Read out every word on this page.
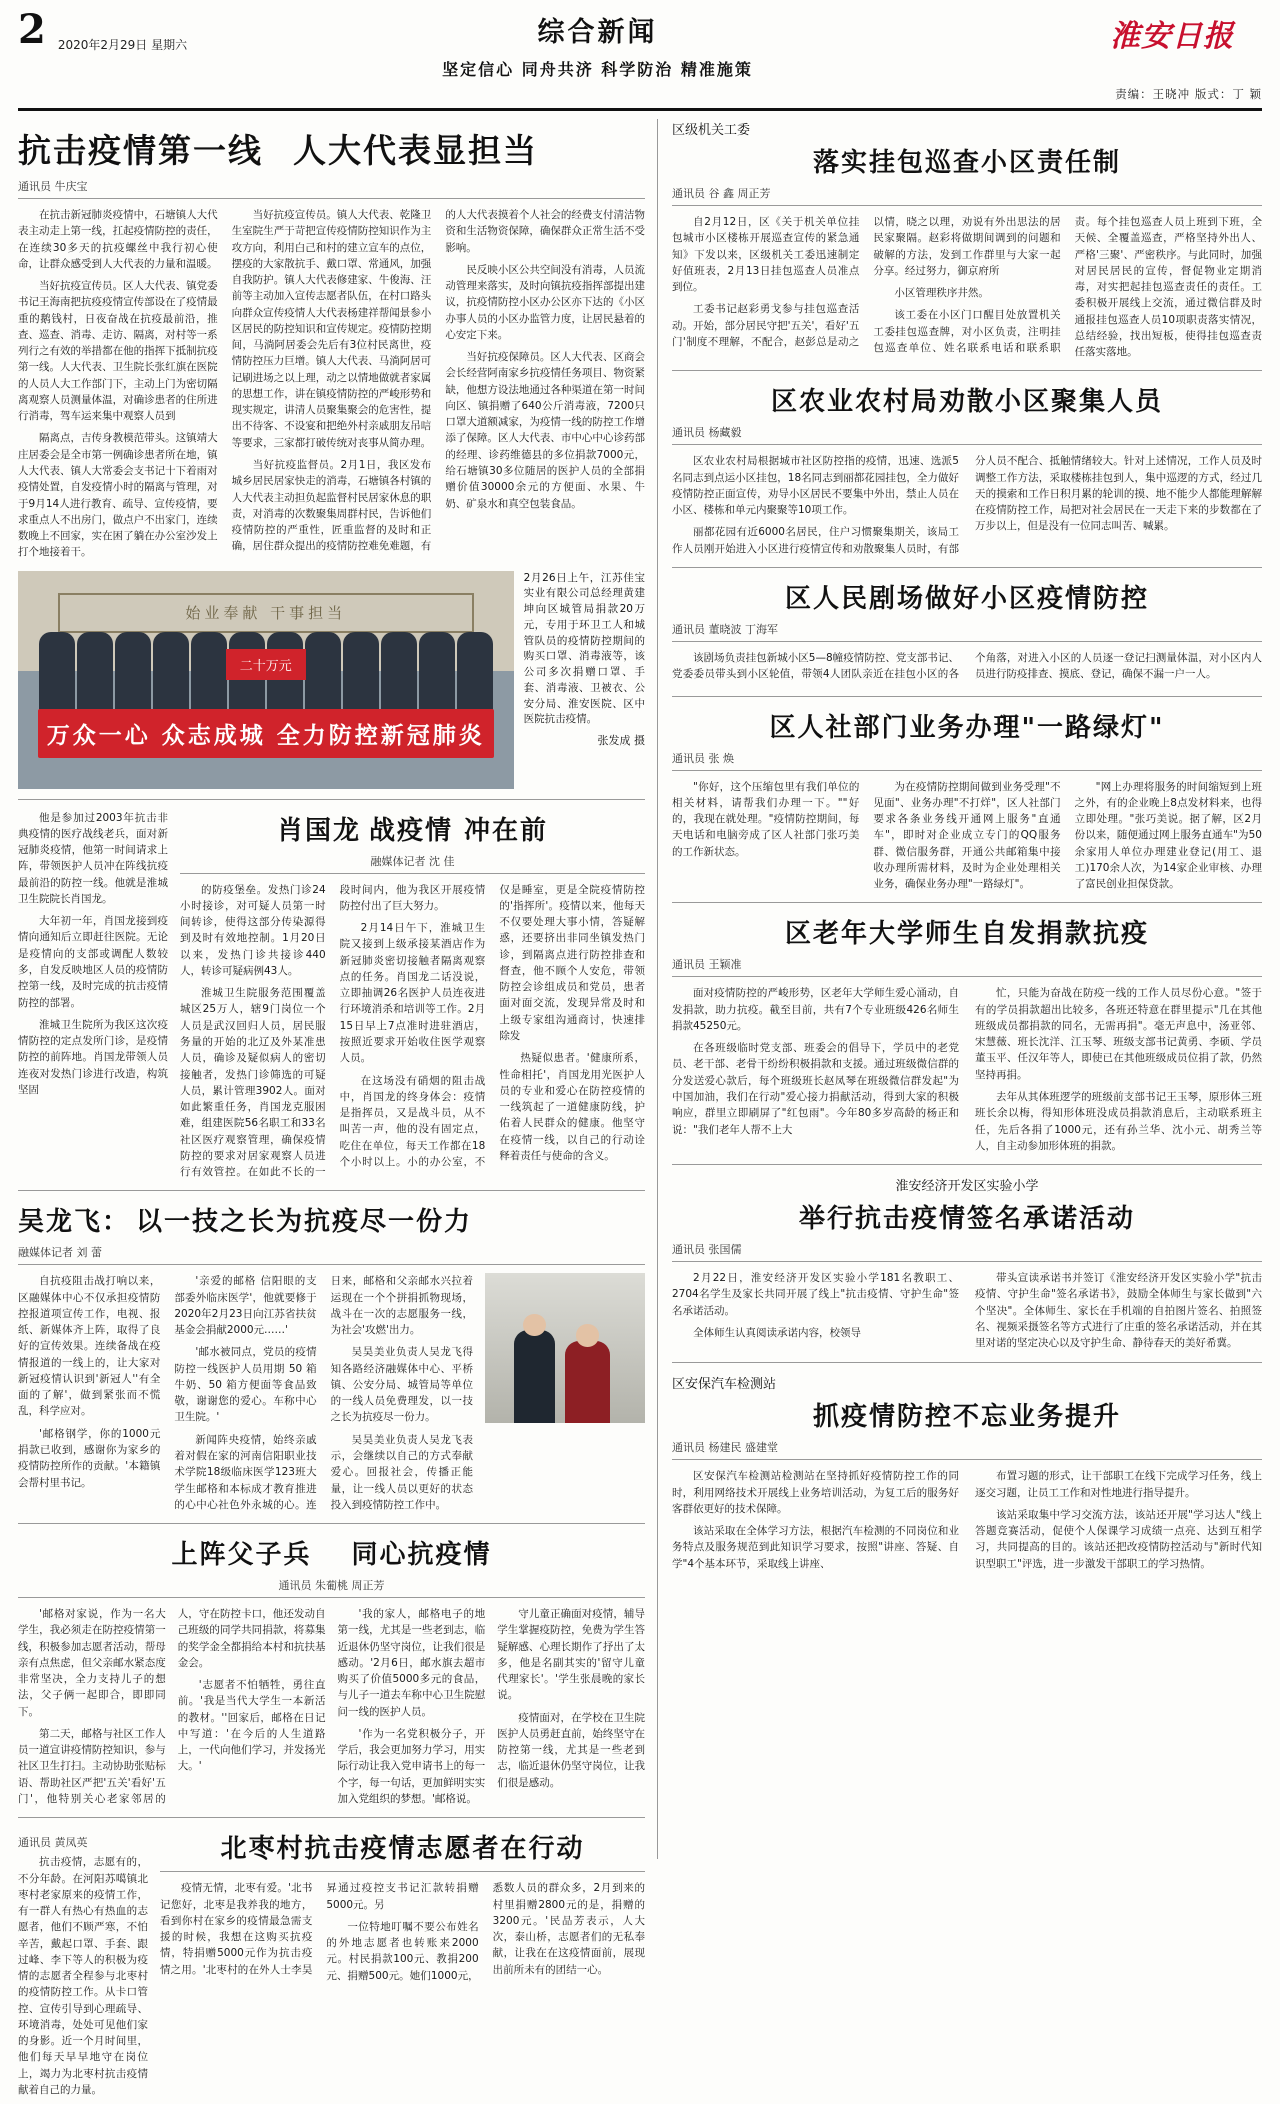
2	2020年2月29日 星期六	综合新闻
坚定信心 同舟共济 科学防治 精准施策
淮安日报
责编：王晓冲 版式：丁 颖
抗击疫情第一线 人大代表显担当
通讯员 牛庆宝

在抗击新冠肺炎疫情中，石塘镇人大代表主动走上第一线，扛起疫情防控的责任，在连续30多天的抗疫螺丝中我行初心使命，让群众感受到人大代表的力量和温暖。

当好抗疫宣传员。区人大代表、镇党委书记王海南把抗疫疫情宣传部设在了疫情最重的鹅钱村，日夜奋战在抗疫最前沿，推查、巡查、消毒、走访、隔离，对村等一系列行之有效的举措都在他的指挥下抵制抗疫第一线。人大代表、卫生院长张红旗在医院的人员人大工作部门下，主动上门为密切隔离观察人员测量体温，对确诊患者的住所进行消毒，驾车运来集中观察人员到

隔离点，吉传身教模范带头。这镇靖大庄居委会是全市第一例确诊患者所在地，镇人大代表、镇人大常委会支书记十下着雨对疫情处置，自发疫情小时的隔离与管理，对于9月14人进行教育、疏导、宣传疫情，要求重点人不出房门，做点户不出家门，连续数晚上不回家，实在困了躺在办公室沙发上打个地接着干。

当好抗疫宣传员。镇人大代表、乾隆卫生室院生严于苛把宣传疫情防控知识作为主攻方向，利用白己和村的建立宣车的点位，摆疫的大家散抗手、戴口罩、常通风，加强自我防护。镇人大代表修建家、牛俊海、汪前等主动加入宣传志愿者队伍，在村口路头向群众宣传疫情人大代表杨建祥帮闻景参小区居民的防控知识和宣传规定。疫情防控期间，马淌阿居委会先后有3位村民离世，疫情防控压力巨增。镇人大代表、马淌阿居可记刷进场之以上理，动之以情地做就者家属的思想工作，讲在镇疫情防控的严峻形势和现实规定，讲清人员聚集聚会的危害性，提出不待客、不设宴和把绝外村亲戚朋友吊唁等要求，三家都打破传统对丧事从简办理。

当好抗疫监督员。2月1日，我区发布城乡居民居家快走的消毒，石塘镇各村镇的人大代表主动担负起监督村民居家休息的职责，对消毒的次数聚集周群村民，告诉他们疫情防控的严重性，匠重监督的及时和正确，居住群众提出的疫情防控难免难题，有的人大代表摸着个人社会的经费支付清洁物资和生活物资保障，确保群众正常生活不受影响。

民反映小区公共空间没有消毒，人员流动管理来落实，及时向镇抗疫指挥部提出建议，抗疫情防控小区办公区亦下达的《小区办事人员的小区办监管力度，让居民悬着的心安定下来。

当好抗疫保障员。区人大代表、区商会会长经营阿南家乡抗疫情任务项目、物资紧缺，他想方设法地通过各种渠道在第一时间向区、镇捐赠了640公斤消毒液，7200只口罩大道额减家，为疫情一线的防控工作增添了保障。区人大代表、市中心中心诊药部的经理、诊药维德县的多位捐款7000元，给石塘镇30多位随居的医护人员的全部捐赠价值30000余元的方便面、水果、牛奶、矿泉水和真空包装食品。

始业奉献 干事担当
二十万元
万众一心 众志成城 全力防控新冠肺炎
2月26日上午，江苏佳宝实业有限公司总经理黄建坤向区城管局捐款20万元，专用于环卫工人和城管队员的疫情防控期间的购买口罩、消毒液等，该公司多次捐赠口罩、手套、消毒液、卫被衣、公安分局、淮安医院、区中医院抗击疫情。
张发成 摄

他是参加过2003年抗击非典疫情的医疗战线老兵，面对新冠肺炎疫情，他第一时间请求上阵，带领医护人员冲在阵线抗疫最前沿的防控一线。他就是淮城卫生院院长肖国龙。

大年初一年，肖国龙接到疫情向通知后立即赶往医院。无论是疫情向的支部或调配人数较多，自发反映地区人员的疫情防控第一线，及时完成的抗击疫情防控的部署。

淮城卫生院所为我区这次疫情防控的定点发所门诊，是疫情防控的前阵地。肖国龙带领人员连夜对发热门诊进行改造，构筑坚固

肖国龙 战疫情 冲在前
融媒体记者 沈 佳

的防疫堡垒。发热门诊24小时接诊，对可疑人员第一时间转诊，使得这部分传染源得到及时有效地控制。1月20日以来，发热门诊共接诊440人，转诊可疑病例43人。

淮城卫生院服务范围覆盖城区25万人，辖9门岗位一个人员是武汉回归人员，居民服务量的开始的北辽及外某准患人员，确诊及疑似病人的密切接触者，发热门诊筛选的可疑人员，累计管理3902人。面对如此繁重任务，肖国龙克服困难，组建医院56名职工和33名社区医疗观察管理，确保疫情防控的要求对居家观察人员进行有效管控。在如此不长的一段时间内，他为我区开展疫情防控付出了巨大努力。

2月14日午下，淮城卫生院又接到上级承接某酒店作为新冠肺炎密切接触者隔离观察点的任务。肖国龙二话没说，立即抽调26名医护人员连夜进行环境消杀和培训等工作。2月15日早上7点准时进驻酒店，按照近要求开始收住医学观察人员。

在这场没有硝烟的阻击战中，肖国龙的终身体会：疫情是指挥员，又是战斗员，从不叫苦一声，他的没有固定点，吃住在单位，每天工作都在18个小时以上。小的办公室，不仅是睡室，更是全院疫情防控的'指挥所'。疫情以来，他每天不仅要处理大事小情，答疑解惑，还要挤出非同坐镇发热门诊，到隔离点进行防控排查和督查，他不顾个人安危，带领防控会诊组成员和党员，患者面对面交流，发现异常及时和上级专家组沟通商讨，快速排除发

热疑似患者。'健康所系，性命相托'，肖国龙用光医护人员的专业和爱心在防控疫情的一线筑起了一道健康防线，护佑着人民群众的健康。他坚守在疫情一线，以自己的行动诠释着责任与使命的含义。

吴龙飞： 以一技之长为抗疫尽一份力
融媒体记者 刘 蕾

自抗疫阻击战打响以来，区融媒体中心不仅承担疫情防控报道项宣传工作，电视、报纸、新媒体齐上阵，取得了良好的宣传效果。连续备战在疫情报道的一线上的，让大家对新冠疫情认识到'新冠人''有全面的了解'，做到紧张而不慌乱，科学应对。

'邮格钢学，你的1000元捐款已收到，感谢你为家乡的疫情防控所作的贡献。'本籍镇会帮村里书记。

'亲爱的邮格 信阳眼的支部委外临床医学'，他就要修于2020年2月23日向江苏省扶贫基金会捐献2000元……'

'邮水被同点，党员的疫情防控一线医护人员用期 50 箱牛奶、50 箱方便面等食品致敬，谢谢您的爱心。车称中心卫生院。'

新闻阵央疫情，始终亲戚着对假在家的河南信阳职业技术学院18级临床医学123班大学生邮格和本标成才教育推进的心中心社色外永城的心。连日来，邮格和父亲邮水兴拉着运现在一个个拼捐抓物现场，战斗在一次的志愿服务一线，为社会'攻燃'出力。

吴昊美业负责人吴龙飞得知各路经济融媒体中心、平桥镇、公安分局、城管局等单位的一线人员免费理发，以一技之长为抗疫尽一份力。

吴昊美业负责人吴龙飞表示，会继续以自己的方式奉献爱心。回报社会，传播正能量，让一线人员以更好的状态投入到疫情防控工作中。

上阵父子兵 同心抗疫情
通讯员 朱葡桃 周正芳

'邮格对家说，作为一名大学生，我必须走在防控疫情第一线，积极参加志愿者活动，帮母亲有点焦虑，但父亲邮水紧态度非常坚决，全力支持儿子的想法，父子俩一起即合，即即同下。

第二天，邮格与社区工作人员一道宣讲疫情防控知识，参与社区卫生打扫。主动协助张贴标语、帮助社区严把'五关'看好'五门'，他特别关心老家邻居的人，守在防控卡口，他还发动自己班级的同学共同捐款，将募集的奖学金全都捐给本村和抗扶基金会。

'志愿者不怕牺牲，勇往直前。'我是当代大学生一本新活的教材。''回家后，邮格在日记中写道：'在今后的人生道路上，一代向他们学习，并发扬光大。'

'我的家人，邮格电子的地第一线，尤其是一些老到志，临近退休仍坚守岗位，让我们很是感动。'2月6日，邮水旗去超市购买了价值5000多元的食品，与儿子一道去车称中心卫生院慰问一线的医护人员。

'作为一名党积极分子，开学后，我会更加努力学习，用实际行动让我入党申请书上的每一个字，每一句话，更加鲜明实实加入党组织的梦想。'邮格说。

守儿童正确面对疫情，辅导学生掌握疫防控，免费为学生答疑解感、心理长期作了抒出了太多，他是名副其实的'留守儿童代理家长'。'学生张晨晚的家长说。

疫情面对，在学校在卫生院医护人员勇赶直前，始终坚守在防控第一线，尤其是一些老到志，临近退休仍坚守岗位，让我们很是感动。

通讯员 黄凤英

抗击疫情，志愿有的，不分年龄。在河阳苏噶镇北枣村老家原来的疫情工作，有一群人有热心有热血的志愿者，他们不顾严寒，不怕辛苦，戴起口罩、手套、跟过峰、李下等人的积极为疫情的志愿者全程参与北枣村的疫情防控工作。从卡口管控、宣传引导到心理疏导、环境消毒，处处可见他们家的身影。近一个月时间里，他们每天早早地守在岗位上，竭力为北枣村抗击疫情献着自己的力量。

北枣村抗击疫情志愿者在行动

疫情无情，北枣有爱。'北书记您好，北枣是我养我的地方，看到你村在家乡的疫情最急需支援的时候，我想在这购买抗疫情，特捐赠5000元作为抗击疫情之用。'北枣村的在外人士李昊昇通过疫控支书记汇款转捐赠5000元。另

一位特地叮嘱不要公布姓名的外地志愿者也转账来2000元。村民捐款100元、教捐200元、捐赠500元。她们1000元，悉数人员的群众多，2月到来的村里捐赠2800元的是，捐赠的3200元。'民品芳表示，人大次，泰山桥，志愿者们的无私奉献，让我在在这疫情面前，展现出前所未有的团结一心。

区级机关工委
落实挂包巡查小区责任制
通讯员 谷 鑫 周正芳

自2月12日，区《关于机关单位挂包城市小区楼栋开展巡查宣传的紧急通知》下发以来，区级机关工委迅速制定好值班表，2月13日挂包巡查人员准点到位。

工委书记赵彩勇戈参与挂包巡查活动。开始，部分居民守把'五关'，看好'五门'制度不理解，不配合，赵彭总是动之以情，晓之以理，劝说有外出思法的居民家聚隔。赵彩将做期间调到的问题和破解的方法，发到工作群里与大家一起分享。经过努力，御京府所

小区管理秩序井然。

该工委在小区门口醒目处放置机关工委挂包巡查牌，对小区负责，注明挂包巡查单位、姓名联系电话和联系职责。每个挂包巡查人员上班到下班，全天候、全覆盖巡查，严格坚持外出人、严格'三聚'、严密秩序。与此同时，加强对居民居民的宣传，督促物业定期消毒，对实把起挂包巡查责任的责任。工委积极开展线上交流，通过微信群及时通报挂包巡查人员10项职责落实情况，总结经验，找出短板，使得挂包巡查责任落实落地。

区农业农村局劝散小区聚集人员
通讯员 杨藏毅

区农业农村局根据城市社区防控指的疫情，迅速、选派5名同志到点运小区挂包，18名同志到丽都花园挂包，全力做好疫情防控正面宣传，劝导小区居民不要集中外出，禁止人员在小区、楼栋和单元内聚聚等10项工作。

丽都花园有近6000名居民，住户习惯聚集期关，该局工作人员刚开始进入小区进行疫情宣传和劝散聚集人员时，有部分人员不配合、抵触情绪较大。针对上述情况，工作人员及时调整工作方法，采取楼栋挂包到人，集中巡逻的方式，经过几天的摸索和工作日积月累的轮训的摸、地不能少人都能理解解在疫情防控工作，局把对社会居民在一天走下来的步数都在了万步以上，但是没有一位同志叫苦、喊累。

区人民剧场做好小区疫情防控
通讯员 董晓波 丁海军

该剧场负责挂包新城小区5—8幢疫情防控、党支部书记、党委委员带头到小区轮值，带领4人团队亲近在挂包小区的各个角落，对进入小区的人员逐一登记扫测量体温，对小区内人员进行防疫排查、摸底、登记，确保不漏一户一人。

区人社部门业务办理"一路绿灯"
通讯员 张 焕

"你好，这个压缩包里有我们单位的相关材料，请帮我们办理一下。""好的，我现在就处理。"疫情防控期间，每天电话和电脑旁成了区人社部门张巧美的工作新状态。

为在疫情防控期间做到业务受理"不见面"、业务办理"不打烊"，区人社部门要求各条业务线开通网上服务"直通车"，即时对企业成立专门的QQ服务群、微信服务群，开通公共邮箱集中接收办理所需材料，及时为企业处理相关业务，确保业务办理"一路绿灯"。

"网上办理将服务的时间缩短到上班之外，有的企业晚上8点发材料来，也得立即处理。"张巧美说。据了解，区2月份以来，随便通过网上服务直通车"为50余家用人单位办理建业登记(用工、退工)170余人次，为14家企业审核、办理了富民创业担保贷款。

区老年大学师生自发捐款抗疫
通讯员 王颖准

面对疫情防控的严峻形势，区老年大学师生爱心涌动，自发捐款，助力抗疫。截至目前，共有7个专业班级426名师生捐款45250元。

在各班级临时党支部、班委会的倡导下，学员中的老党员、老干部、老骨干纷纷积极捐款和支援。通过班级微信群的分发送爱心款后，每个班级班长赵凤琴在班级微信群发起"为中国加油，我们在行动"爱心接力捐献活动，得到大家的积极响应，群里立即刷屏了"红包雨"。今年80多岁高龄的杨正和说："我们老年人帮不上大

忙，只能为奋战在防疫一线的工作人员尽份心意。"签于有的学员捐款超出比较多，各班还特意在群里提示"几在其他班级成员都捐款的同名，无需再捐"。毫无声息中，汤亚邻、宋慧薇、班长沈洋、江玉琴、班级支部书记黄勇、李硕、学员董玉平、任汉年等人，即使已在其他班级成员位捐了款，仍然坚持再捐。

去年从其体班逻学的班级前支部书记王玉琴，原形体三班班长余以梅，得知形体班没成员捐款消息后，主动联系班主任，先后各捐了1000元，还有孙兰华、沈小元、胡秀兰等人，自主动参加形体班的捐款。

淮安经济开发区实验小学
举行抗击疫情签名承诺活动
通讯员 张国儒

2月22日，淮安经济开发区实验小学181名教职工、2704名学生及家长共同开展了线上"抗击疫情、守护生命"签名承诺活动。

全体师生认真阅读承诺内容，校领导

带头宣读承诺书并签订《淮安经济开发区实验小学"抗击疫情、守护生命"签名承诺书》，鼓励全体师生与家长做到"六个坚决"。全体师生、家长在手机端的自拍图片签名、拍照签名、视频采摄签名等方式进行了庄重的签名承诺活动，并在其里对诺的坚定决心以及守护生命、静待春天的美好希冀。

区安保汽车检测站
抓疫情防控不忘业务提升
通讯员 杨建民 盛建堂

区安保汽车检测站检测站在坚持抓好疫情防控工作的同时，利用网络技术开展线上业务培训活动，为复工后的服务好客群依更好的技术保障。

该站采取在全体学习方法，根据汽车检测的不同岗位和业务特点及服务规范到此知识学习要求，按照"讲座、答疑、自学"4个基本环节，采取线上讲座、

布置习题的形式，让干部职工在线下完成学习任务，线上逐交习题，让员工工作和对性地进行指导提升。

该站采取集中学习交流方法，该站还开展"学习达人"线上答题竞赛活动，促使个人保课学习成绩一点亮、达到互相学习，共同提高的目的。该站还把改疫情防控活动与"新时代知识型职工"评选，进一步激发干部职工的学习热情。
